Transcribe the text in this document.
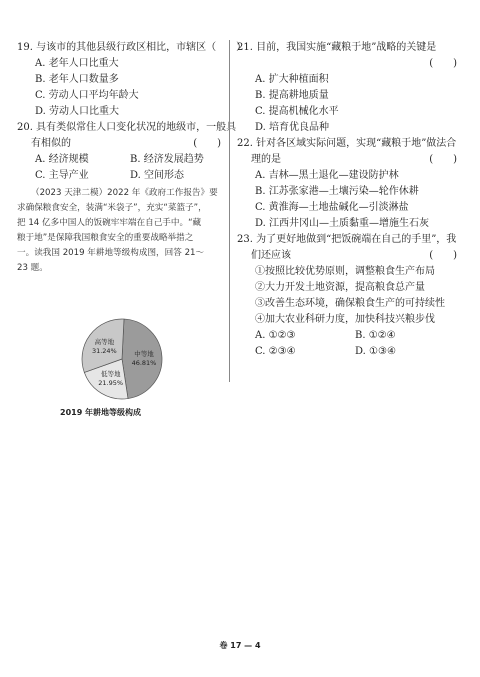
19. 与该市的其他县级行政区相比，市辖区（　　）
A. 老年人口比重大
B. 老年人口数量多
C. 劳动人口平均年龄大
D. 劳动人口比重大
20. 具有类似常住人口变化状况的地级市，一般具
有相似的	(　　)
A. 经济规模	B. 经济发展趋势
C. 主导产业	D. 空间形态
（2023 天津二模）2022 年《政府工作报告》要
求确保粮食安全，装满“米袋子”，充实“菜篮子”，
把 14 亿多中国人的饭碗牢牢端在自己手中。“藏
粮于地”是保障我国粮食安全的重要战略举措之
一。读我国 2019 年耕地等级构成图，回答 21～
23 题。
中等地
46.81%
低等地
21.95%
高等地
31.24%
2019 年耕地等级构成
21. 目前，我国实施“藏粮于地”战略的关键是
(　　)
A. 扩大种植面积
B. 提高耕地质量
C. 提高机械化水平
D. 培育优良品种
22. 针对各区域实际问题，实现“藏粮于地”做法合
理的是	(　　)
A. 吉林—黑土退化—建设防护林
B. 江苏张家港—土壤污染—轮作休耕
C. 黄淮海—土地盐碱化—引淡淋盐
D. 江西井冈山—土质黏重—增施生石灰
23. 为了更好地做到“把饭碗端在自己的手里”，我
们还应该	(　　)
①按照比较优势原则，调整粮食生产布局
②大力开发土地资源，提高粮食总产量
③改善生态环境，确保粮食生产的可持续性
④加大农业科研力度，加快科技兴粮步伐
A. ①②③	B. ①②④
C. ②③④	D. ①③④
卷 17 — 4
